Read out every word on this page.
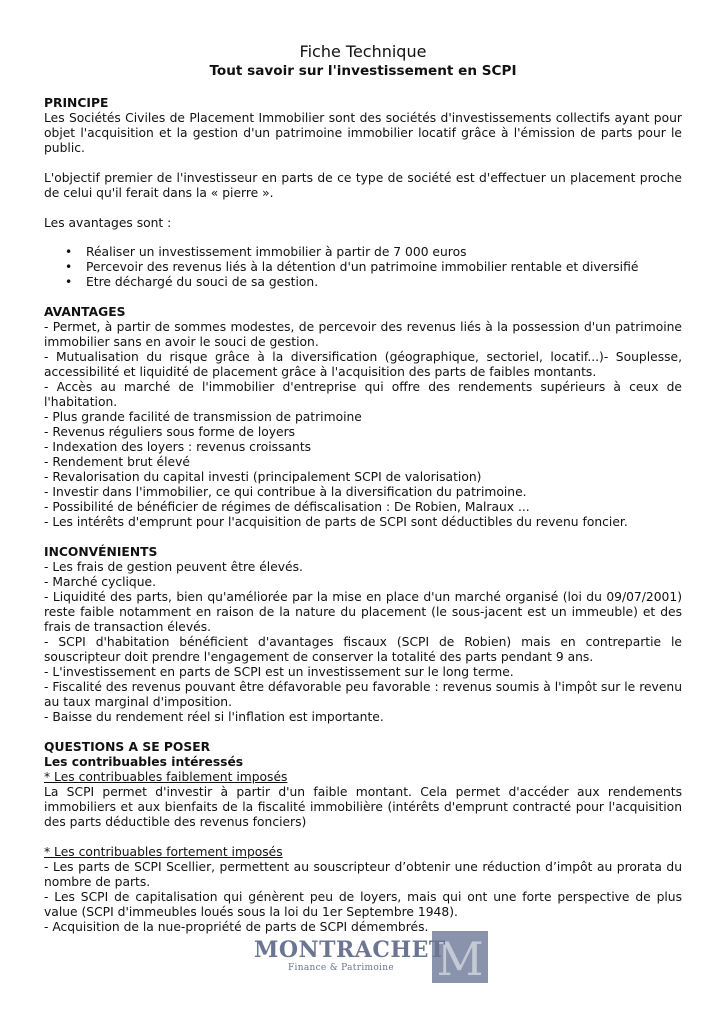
Fiche Technique
Tout savoir sur l'investissement en SCPI
PRINCIPE

Les Sociétés Civiles de Placement Immobilier sont des sociétés d'investissements collectifs ayant pour objet l'acquisition et la gestion d'un patrimoine immobilier locatif grâce à l'émission de parts pour le public.

L'objectif premier de l'investisseur en parts de ce type de société est d'effectuer un placement proche de celui qu'il ferait dans la « pierre ».

Les avantages sont :

• Réaliser un investissement immobilier à partir de 7 000 euros
• Percevoir des revenus liés à la détention d'un patrimoine immobilier rentable et diversifié
• Etre déchargé du souci de sa gestion.
AVANTAGES

- Permet, à partir de sommes modestes, de percevoir des revenus liés à la possession d'un patrimoine immobilier sans en avoir le souci de gestion.

- Mutualisation du risque grâce à la diversification (géographique, sectoriel, locatif...)- Souplesse, accessibilité et liquidité de placement grâce à l'acquisition des parts de faibles montants.

- Accès au marché de l'immobilier d'entreprise qui offre des rendements supérieurs à ceux de l'habitation.

- Plus grande facilité de transmission de patrimoine

- Revenus réguliers sous forme de loyers

- Indexation des loyers : revenus croissants

- Rendement brut élevé

- Revalorisation du capital investi (principalement SCPI de valorisation)

- Investir dans l'immobilier, ce qui contribue à la diversification du patrimoine.

- Possibilité de bénéficier de régimes de défiscalisation : De Robien, Malraux ...

- Les intérêts d'emprunt pour l'acquisition de parts de SCPI sont déductibles du revenu foncier.

INCONVÉNIENTS

- Les frais de gestion peuvent être élevés.

- Marché cyclique.

- Liquidité des parts, bien qu'améliorée par la mise en place d'un marché organisé (loi du 09/07/2001) reste faible notamment en raison de la nature du placement (le sous-jacent est un immeuble) et des frais de transaction élevés.

- SCPI d'habitation bénéficient d'avantages fiscaux (SCPI de Robien) mais en contrepartie le souscripteur doit prendre l'engagement de conserver la totalité des parts pendant 9 ans.

- L'investissement en parts de SCPI est un investissement sur le long terme.

- Fiscalité des revenus pouvant être défavorable peu favorable : revenus soumis à l'impôt sur le revenu au taux marginal d'imposition.

- Baisse du rendement réel si l'inflation est importante.

QUESTIONS A SE POSER
Les contribuables intéressés
* Les contribuables faiblement imposés

La SCPI permet d'investir à partir d'un faible montant. Cela permet d'accéder aux rendements immobiliers et aux bienfaits de la fiscalité immobilière (intérêts d'emprunt contracté pour l'acquisition des parts déductible des revenus fonciers)

* Les contribuables fortement imposés

- Les parts de SCPI Scellier, permettent au souscripteur d’obtenir une réduction d’impôt au prorata du nombre de parts.

- Les SCPI de capitalisation qui génèrent peu de loyers, mais qui ont une forte perspective de plus value (SCPI d'immeubles loués sous la loi du 1er Septembre 1948).

- Acquisition de la nue-propriété de parts de SCPI démembrés.

M
MONTRACHET
Finance & Patrimoine
